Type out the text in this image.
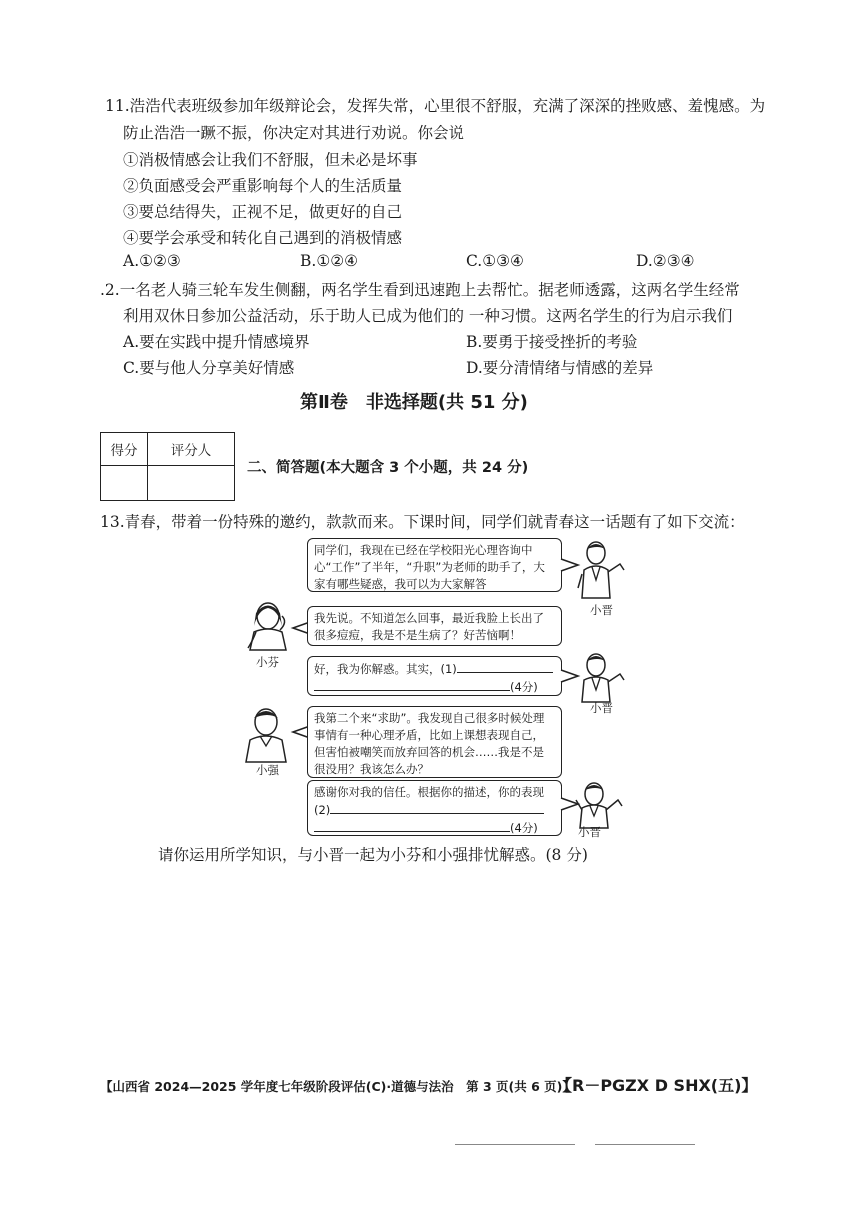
11.浩浩代表班级参加年级辩论会，发挥失常，心里很不舒服，充满了深深的挫败感、羞愧感。为
防止浩浩一蹶不振，你决定对其进行劝说。你会说
①消极情感会让我们不舒服，但未必是坏事
②负面感受会严重影响每个人的生活质量
③要总结得失，正视不足，做更好的自己
④要学会承受和转化自己遇到的消极情感
A.①②③	B.①②④	C.①③④	D.②③④
.2.一名老人骑三轮车发生侧翻，两名学生看到迅速跑上去帮忙。据老师透露，这两名学生经常
利用双休日参加公益活动，乐于助人已成为他们的 一种习惯。这两名学生的行为启示我们
A.要在实践中提升情感境界	B.要勇于接受挫折的考验
C.要与他人分享美好情感	D.要分清情绪与情感的差异
第Ⅱ卷　非选择题(共 51 分)
得分	评分人

二、简答题(本大题含 3 个小题，共 24 分)
13.青春，带着一份特殊的邀约，款款而来。下课时间，同学们就青春这一话题有了如下交流：
同学们，我现在已经在学校阳光心理咨询中心“工作”了半年，“升职”为老师的助手了，大家有哪些疑惑，我可以为大家解答
小晋
小芬
我先说。不知道怎么回事，最近我脸上长出了很多痘痘，我是不是生病了？好苦恼啊！
好，我为你解惑。其实，(1)
(4分)
小晋
小强
我第二个来“求助”。我发现自己很多时候处理事情有一种心理矛盾，比如上课想表现自己，但害怕被嘲笑而放弃回答的机会……我是不是很没用？我该怎么办？
感谢你对我的信任。根据你的描述，你的表现
(2)
(4分)	小晋
请你运用所学知识，与小晋一起为小芬和小强排忧解惑。(8 分)
【山西省 2024—2025 学年度七年级阶段评估(C)·道德与法治　第 3 页(共 6 页)】
【R－PGZX D SHX(五)】
